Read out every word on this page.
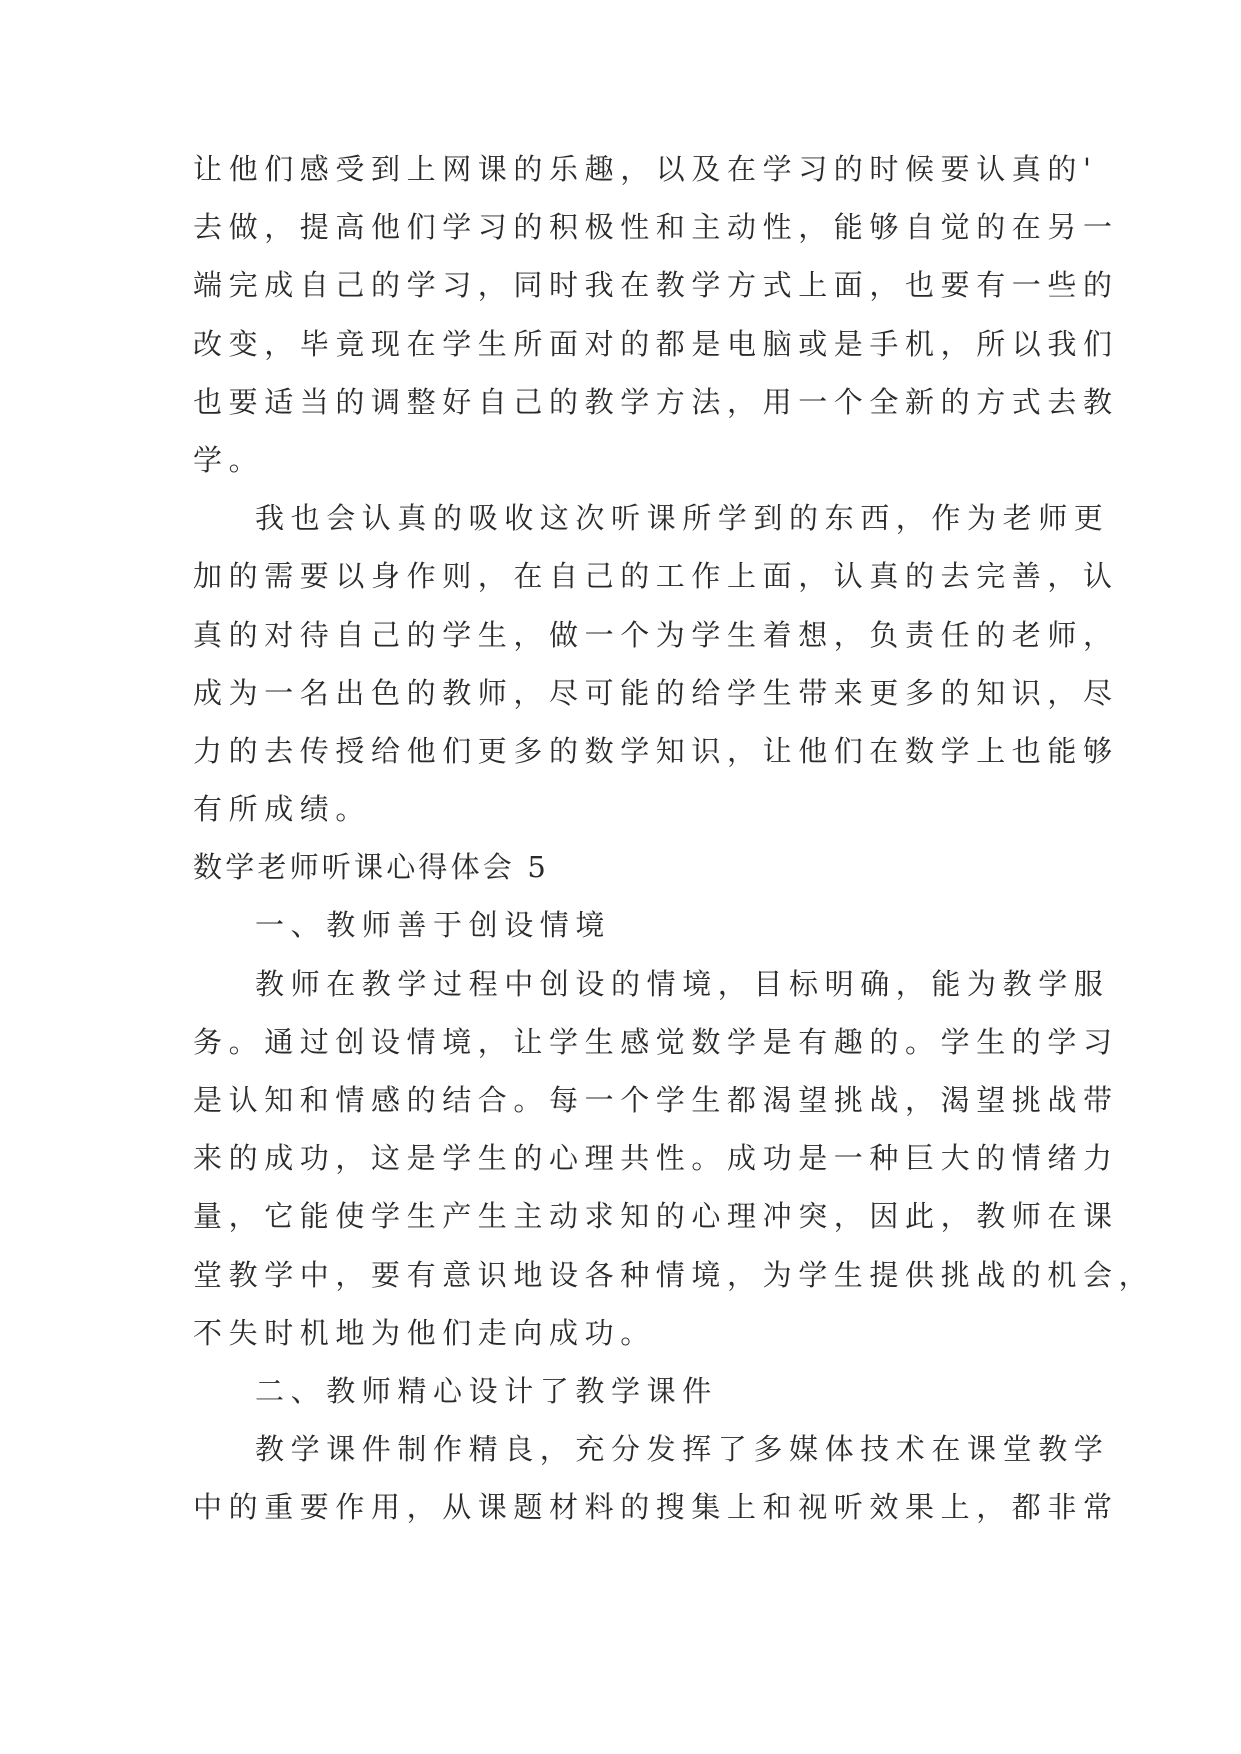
让他们感受到上网课的乐趣，以及在学习的时候要认真的'
去做，提高他们学习的积极性和主动性，能够自觉的在另一
端完成自己的学习，同时我在教学方式上面，也要有一些的
改变，毕竟现在学生所面对的都是电脑或是手机，所以我们
也要适当的调整好自己的教学方法，用一个全新的方式去教
学。
我也会认真的吸收这次听课所学到的东西，作为老师更
加的需要以身作则，在自己的工作上面，认真的去完善，认
真的对待自己的学生，做一个为学生着想，负责任的老师，
成为一名出色的教师，尽可能的给学生带来更多的知识，尽
力的去传授给他们更多的数学知识，让他们在数学上也能够
有所成绩。
数学老师听课心得体会 5
一、教师善于创设情境
教师在教学过程中创设的情境，目标明确，能为教学服
务。通过创设情境，让学生感觉数学是有趣的。学生的学习
是认知和情感的结合。每一个学生都渴望挑战，渴望挑战带
来的成功，这是学生的心理共性。成功是一种巨大的情绪力
量，它能使学生产生主动求知的心理冲突，因此，教师在课
堂教学中，要有意识地设各种情境，为学生提供挑战的机会，
不失时机地为他们走向成功。
二、教师精心设计了教学课件
教学课件制作精良，充分发挥了多媒体技术在课堂教学
中的重要作用，从课题材料的搜集上和视听效果上，都非常
